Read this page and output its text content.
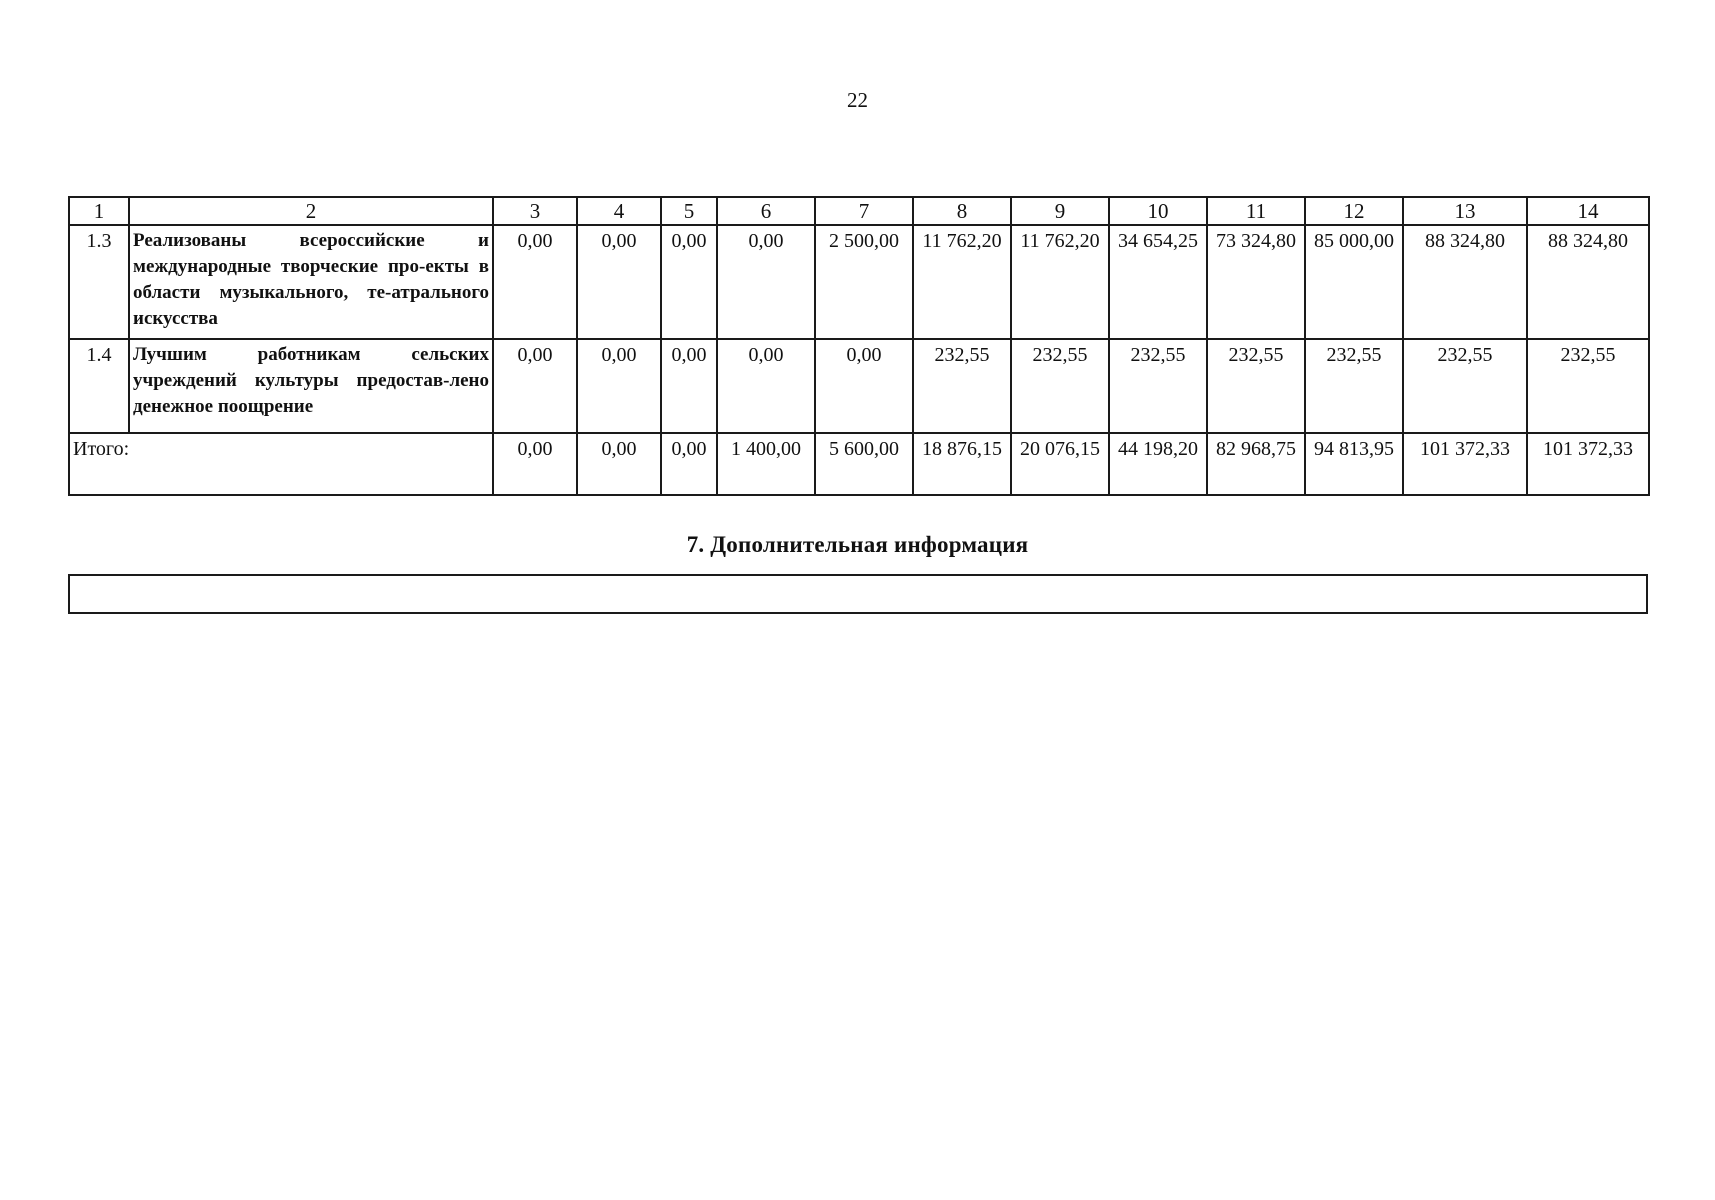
22
1	2	3	4	5	6	7	8	9	10	11	12	13	14
1.3	Реализованы всероссийские и международные творческие про-екты в области музыкального, те-атрального искусства	0,00	0,00	0,00	0,00	2 500,00	11 762,20	11 762,20	34 654,25	73 324,80	85 000,00	88 324,80	88 324,80
1.4	Лучшим работникам сельских учреждений культуры предостав-лено денежное поощрение	0,00	0,00	0,00	0,00	0,00	232,55	232,55	232,55	232,55	232,55	232,55	232,55
Итого:		0,00	0,00	0,00	1 400,00	5 600,00	18 876,15	20 076,15	44 198,20	82 968,75	94 813,95	101 372,33	101 372,33
7. Дополнительная информация
